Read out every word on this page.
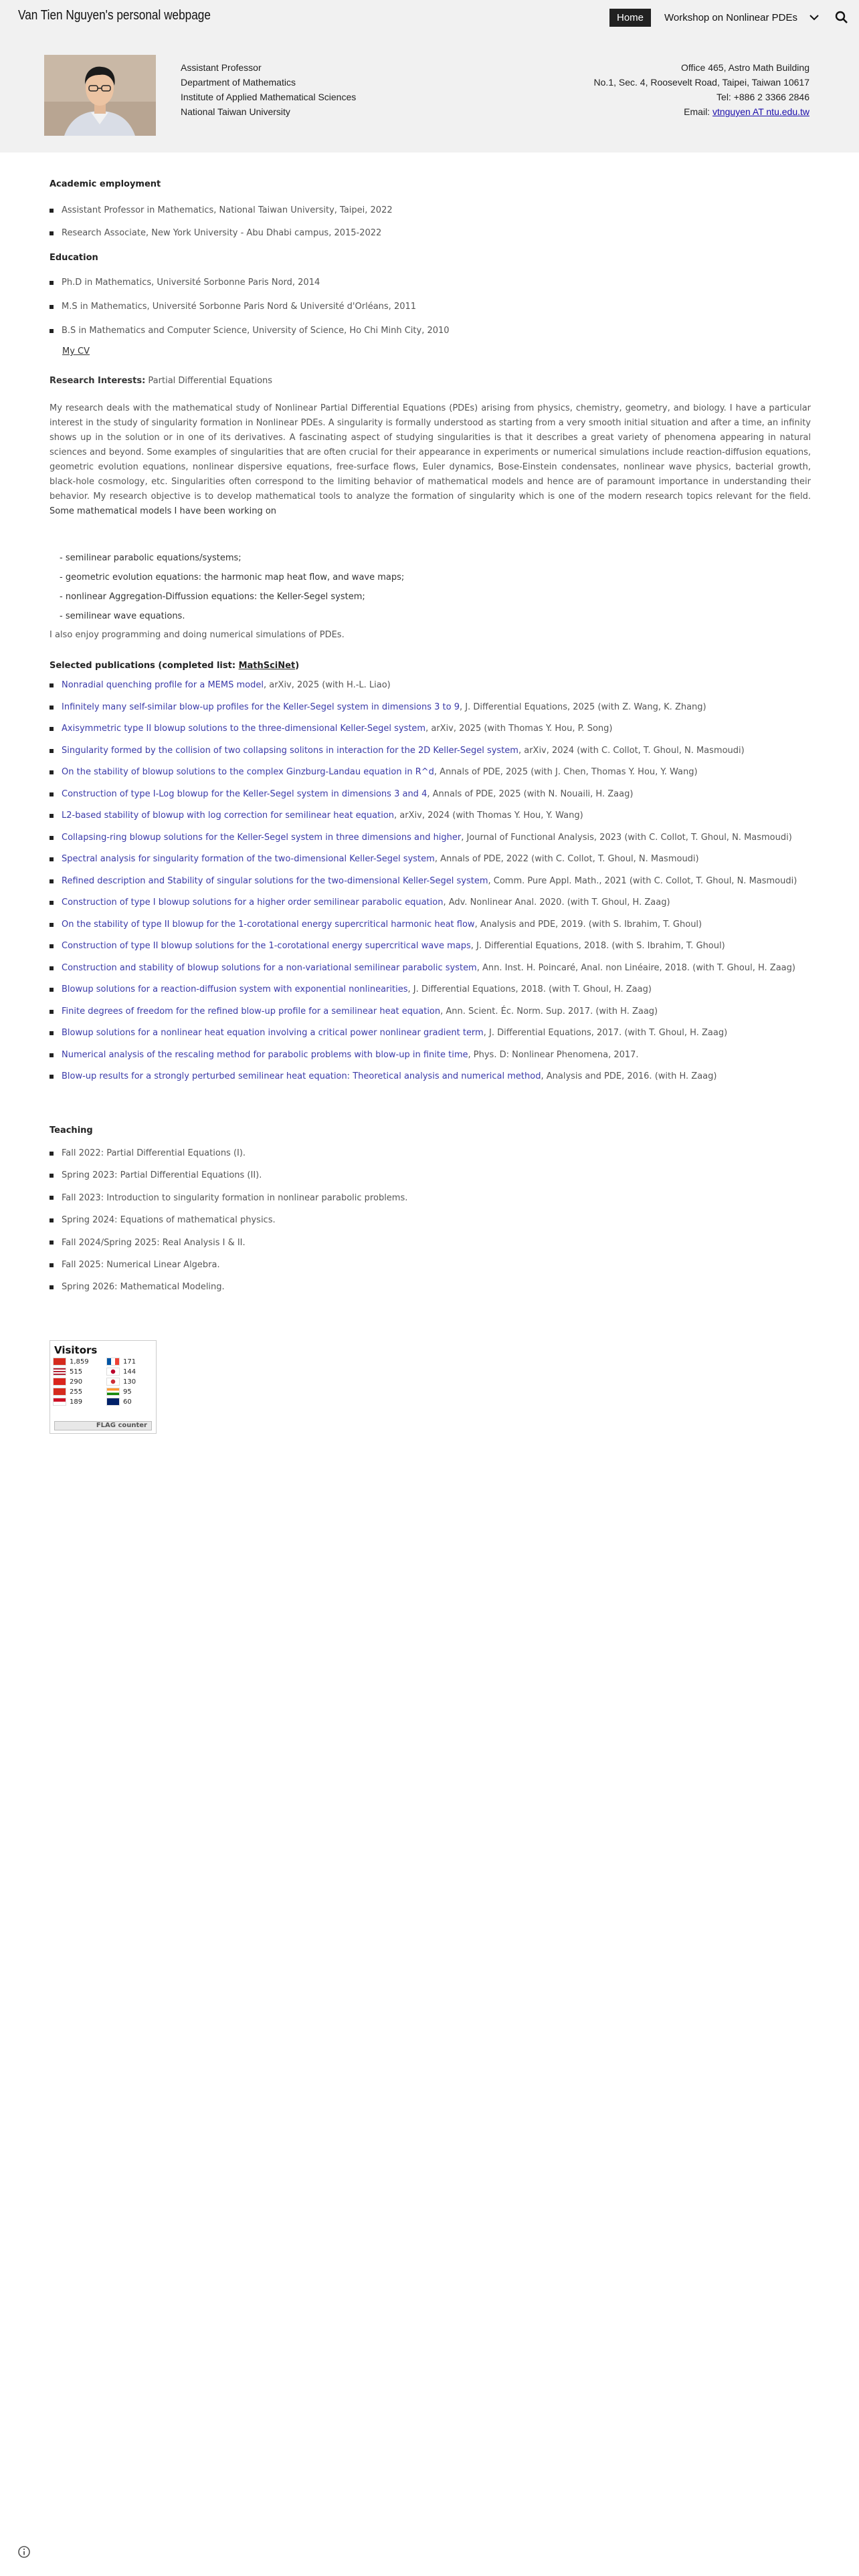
Van Tien Nguyen's personal webpage	Home	Workshop on Nonlinear PDEs
Assistant Professor
Department of Mathematics
Institute of Applied Mathematical Sciences
National Taiwan University
Office 465, Astro Math Building
No.1, Sec. 4, Roosevelt Road, Taipei, Taiwan 10617
Tel: +886 2 3366 2846
Email: vtnguyen AT ntu.edu.tw
Academic employment
Assistant Professor in Mathematics, National Taiwan University, Taipei, 2022
Research Associate, New York University - Abu Dhabi campus, 2015-2022
Education
Ph.D in Mathematics, Université Sorbonne Paris Nord, 2014
M.S in Mathematics, Université Sorbonne Paris Nord & Université d'Orléans, 2011
B.S in Mathematics and Computer Science, University of Science, Ho Chi Minh City, 2010
My CV
Research Interests: Partial Differential Equations
My research deals with the mathematical study of Nonlinear Partial Differential Equations (PDEs) arising from physics, chemistry, geometry, and biology. I have a particular interest in the study of singularity formation in Nonlinear PDEs. A singularity is formally understood as starting from a very smooth initial situation and after a time, an infinity shows up in the solution or in one of its derivatives. A fascinating aspect of studying singularities is that it describes a great variety of phenomena appearing in natural sciences and beyond. Some examples of singularities that are often crucial for their appearance in experiments or numerical simulations include reaction-diffusion equations, geometric evolution equations, nonlinear dispersive equations, free-surface flows, Euler dynamics, Bose-Einstein condensates, nonlinear wave physics, bacterial growth, black-hole cosmology, etc. Singularities often correspond to the limiting behavior of mathematical models and hence are of paramount importance in understanding their behavior. My research objective is to develop mathematical tools to analyze the formation of singularity which is one of the modern research topics relevant for the field. Some mathematical models I have been working on
- semilinear parabolic equations/systems;
- geometric evolution equations: the harmonic map heat flow, and wave maps;
- nonlinear Aggregation-Diffussion equations: the Keller-Segel system;
- semilinear wave equations.
I also enjoy programming and doing numerical simulations of PDEs.
Selected publications (completed list: MathSciNet)
Nonradial quenching profile for a MEMS model, arXiv, 2025 (with H.-L. Liao)
Infinitely many self-similar blow-up profiles for the Keller-Segel system in dimensions 3 to 9, J. Differential Equations, 2025 (with Z. Wang, K. Zhang)
Axisymmetric type II blowup solutions to the three-dimensional Keller-Segel system, arXiv, 2025 (with Thomas Y. Hou, P. Song)
Singularity formed by the collision of two collapsing solitons in interaction for the 2D Keller-Segel system, arXiv, 2024 (with C. Collot, T. Ghoul, N. Masmoudi)
On the stability of blowup solutions to the complex Ginzburg-Landau equation in R^d, Annals of PDE, 2025 (with J. Chen, Thomas Y. Hou, Y. Wang)
Construction of type I-Log blowup for the Keller-Segel system in dimensions 3 and 4, Annals of PDE, 2025 (with N. Nouaili, H. Zaag)
L2-based stability of blowup with log correction for semilinear heat equation, arXiv, 2024 (with Thomas Y. Hou, Y. Wang)
Collapsing-ring blowup solutions for the Keller-Segel system in three dimensions and higher, Journal of Functional Analysis, 2023 (with C. Collot, T. Ghoul, N. Masmoudi)
Spectral analysis for singularity formation of the two-dimensional Keller-Segel system, Annals of PDE, 2022 (with C. Collot, T. Ghoul, N. Masmoudi)
Refined description and Stability of singular solutions for the two-dimensional Keller-Segel system, Comm. Pure Appl. Math., 2021 (with C. Collot, T. Ghoul, N. Masmoudi)
Construction of type I blowup solutions for a higher order semilinear parabolic equation, Adv. Nonlinear Anal. 2020. (with T. Ghoul, H. Zaag)
On the stability of type II blowup for the 1-corotational energy supercritical harmonic heat flow, Analysis and PDE, 2019. (with S. Ibrahim, T. Ghoul)
Construction of type II blowup solutions for the 1-corotational energy supercritical wave maps, J. Differential Equations, 2018. (with S. Ibrahim, T. Ghoul)
Construction and stability of blowup solutions for a non-variational semilinear parabolic system, Ann. Inst. H. Poincaré, Anal. non Linéaire, 2018. (with T. Ghoul, H. Zaag)
Blowup solutions for a reaction-diffusion system with exponential nonlinearities, J. Differential Equations, 2018. (with T. Ghoul, H. Zaag)
Finite degrees of freedom for the refined blow-up profile for a semilinear heat equation, Ann. Scient. Éc. Norm. Sup. 2017. (with H. Zaag)
Blowup solutions for a nonlinear heat equation involving a critical power nonlinear gradient term, J. Differential Equations, 2017. (with T. Ghoul, H. Zaag)
Numerical analysis of the rescaling method for parabolic problems with blow-up in finite time, Phys. D: Nonlinear Phenomena, 2017.
Blow-up results for a strongly perturbed semilinear heat equation: Theoretical analysis and numerical method, Analysis and PDE, 2016. (with H. Zaag)
Teaching
Fall 2022: Partial Differential Equations (I).
Spring 2023: Partial Differential Equations (II).
Fall 2023: Introduction to singularity formation in nonlinear parabolic problems.
Spring 2024: Equations of mathematical physics.
Fall 2024/Spring 2025: Real Analysis I & II.
Fall 2025: Numerical Linear Algebra.
Spring 2026: Mathematical Modeling.
Visitors
1,859	171
515	144
290	130
255	95
189	60
FLAG counter
